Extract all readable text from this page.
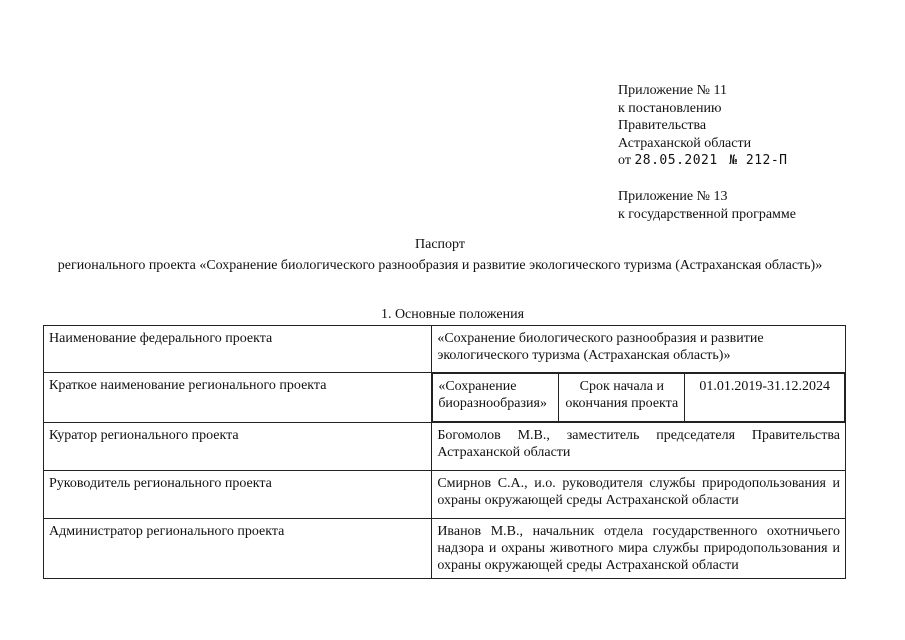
Приложение № 11
к постановлению
Правительства
Астраханской области
от 28.05.2021 № 212-П
Приложение № 13
к государственной программе
Паспорт
регионального проекта «Сохранение биологического разнообразия и развитие экологического туризма (Астраханская область)»
1. Основные положения
Наименование федерального проекта	«Сохранение биологического разнообразия и развитие экологического туризма (Астраханская область)»
Краткое наименование регионального проекта		«Сохранение биоразнообразия»	Срок начала и окончания проекта	01.01.2019-31.12.2024

Куратор регионального проекта	Богомолов М.В., заместитель председателя Правительства Астраханской области
Руководитель регионального проекта	Смирнов С.А., и.о. руководителя службы природопользования и охраны окружающей среды Астраханской области
Администратор регионального проекта	Иванов М.В., начальник отдела государственного охотничьего надзора и охраны животного мира службы природопользования и охраны окружающей среды Астраханской области
